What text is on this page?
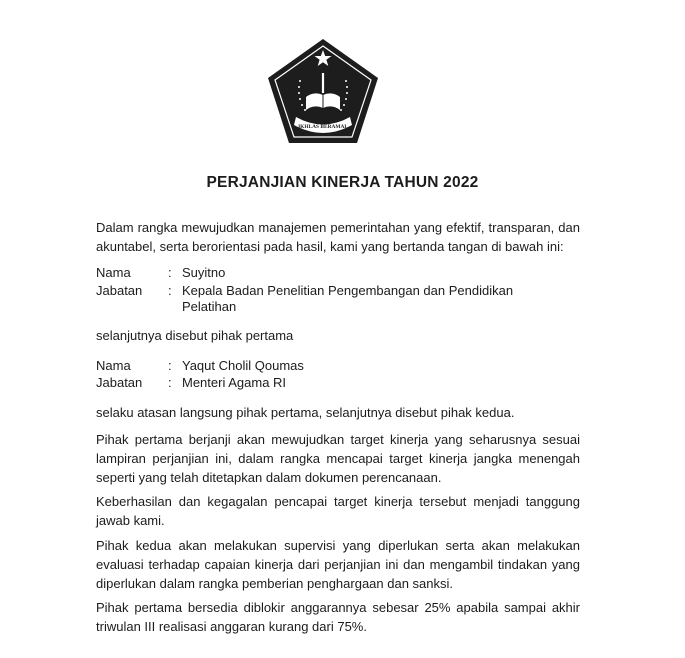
IKHLAS BERAMAL
PERJANJIAN KINERJA TAHUN 2022
Dalam rangka mewujudkan manajemen pemerintahan yang efektif, transparan, dan akuntabel, serta berorientasi pada hasil, kami yang bertanda tangan di bawah ini:
Nama	: Suyitno
Jabatan	: Kepala Badan Penelitian Pengembangan dan Pendidikan
Pelatihan
selanjutnya disebut pihak pertama
Nama	: Yaqut Cholil Qoumas
Jabatan	: Menteri Agama RI
selaku atasan langsung pihak pertama, selanjutnya disebut pihak kedua.
Pihak pertama berjanji akan mewujudkan target kinerja yang seharusnya sesuai lampiran perjanjian ini, dalam rangka mencapai target kinerja jangka menengah seperti yang telah ditetapkan dalam dokumen perencanaan.
Keberhasilan dan kegagalan pencapai target kinerja tersebut menjadi tanggung jawab kami.
Pihak kedua akan melakukan supervisi yang diperlukan serta akan melakukan evaluasi terhadap capaian kinerja dari perjanjian ini dan mengambil tindakan yang diperlukan dalam rangka pemberian penghargaan dan sanksi.
Pihak pertama bersedia diblokir anggarannya sebesar 25% apabila sampai akhir triwulan III realisasi anggaran kurang dari 75%.
